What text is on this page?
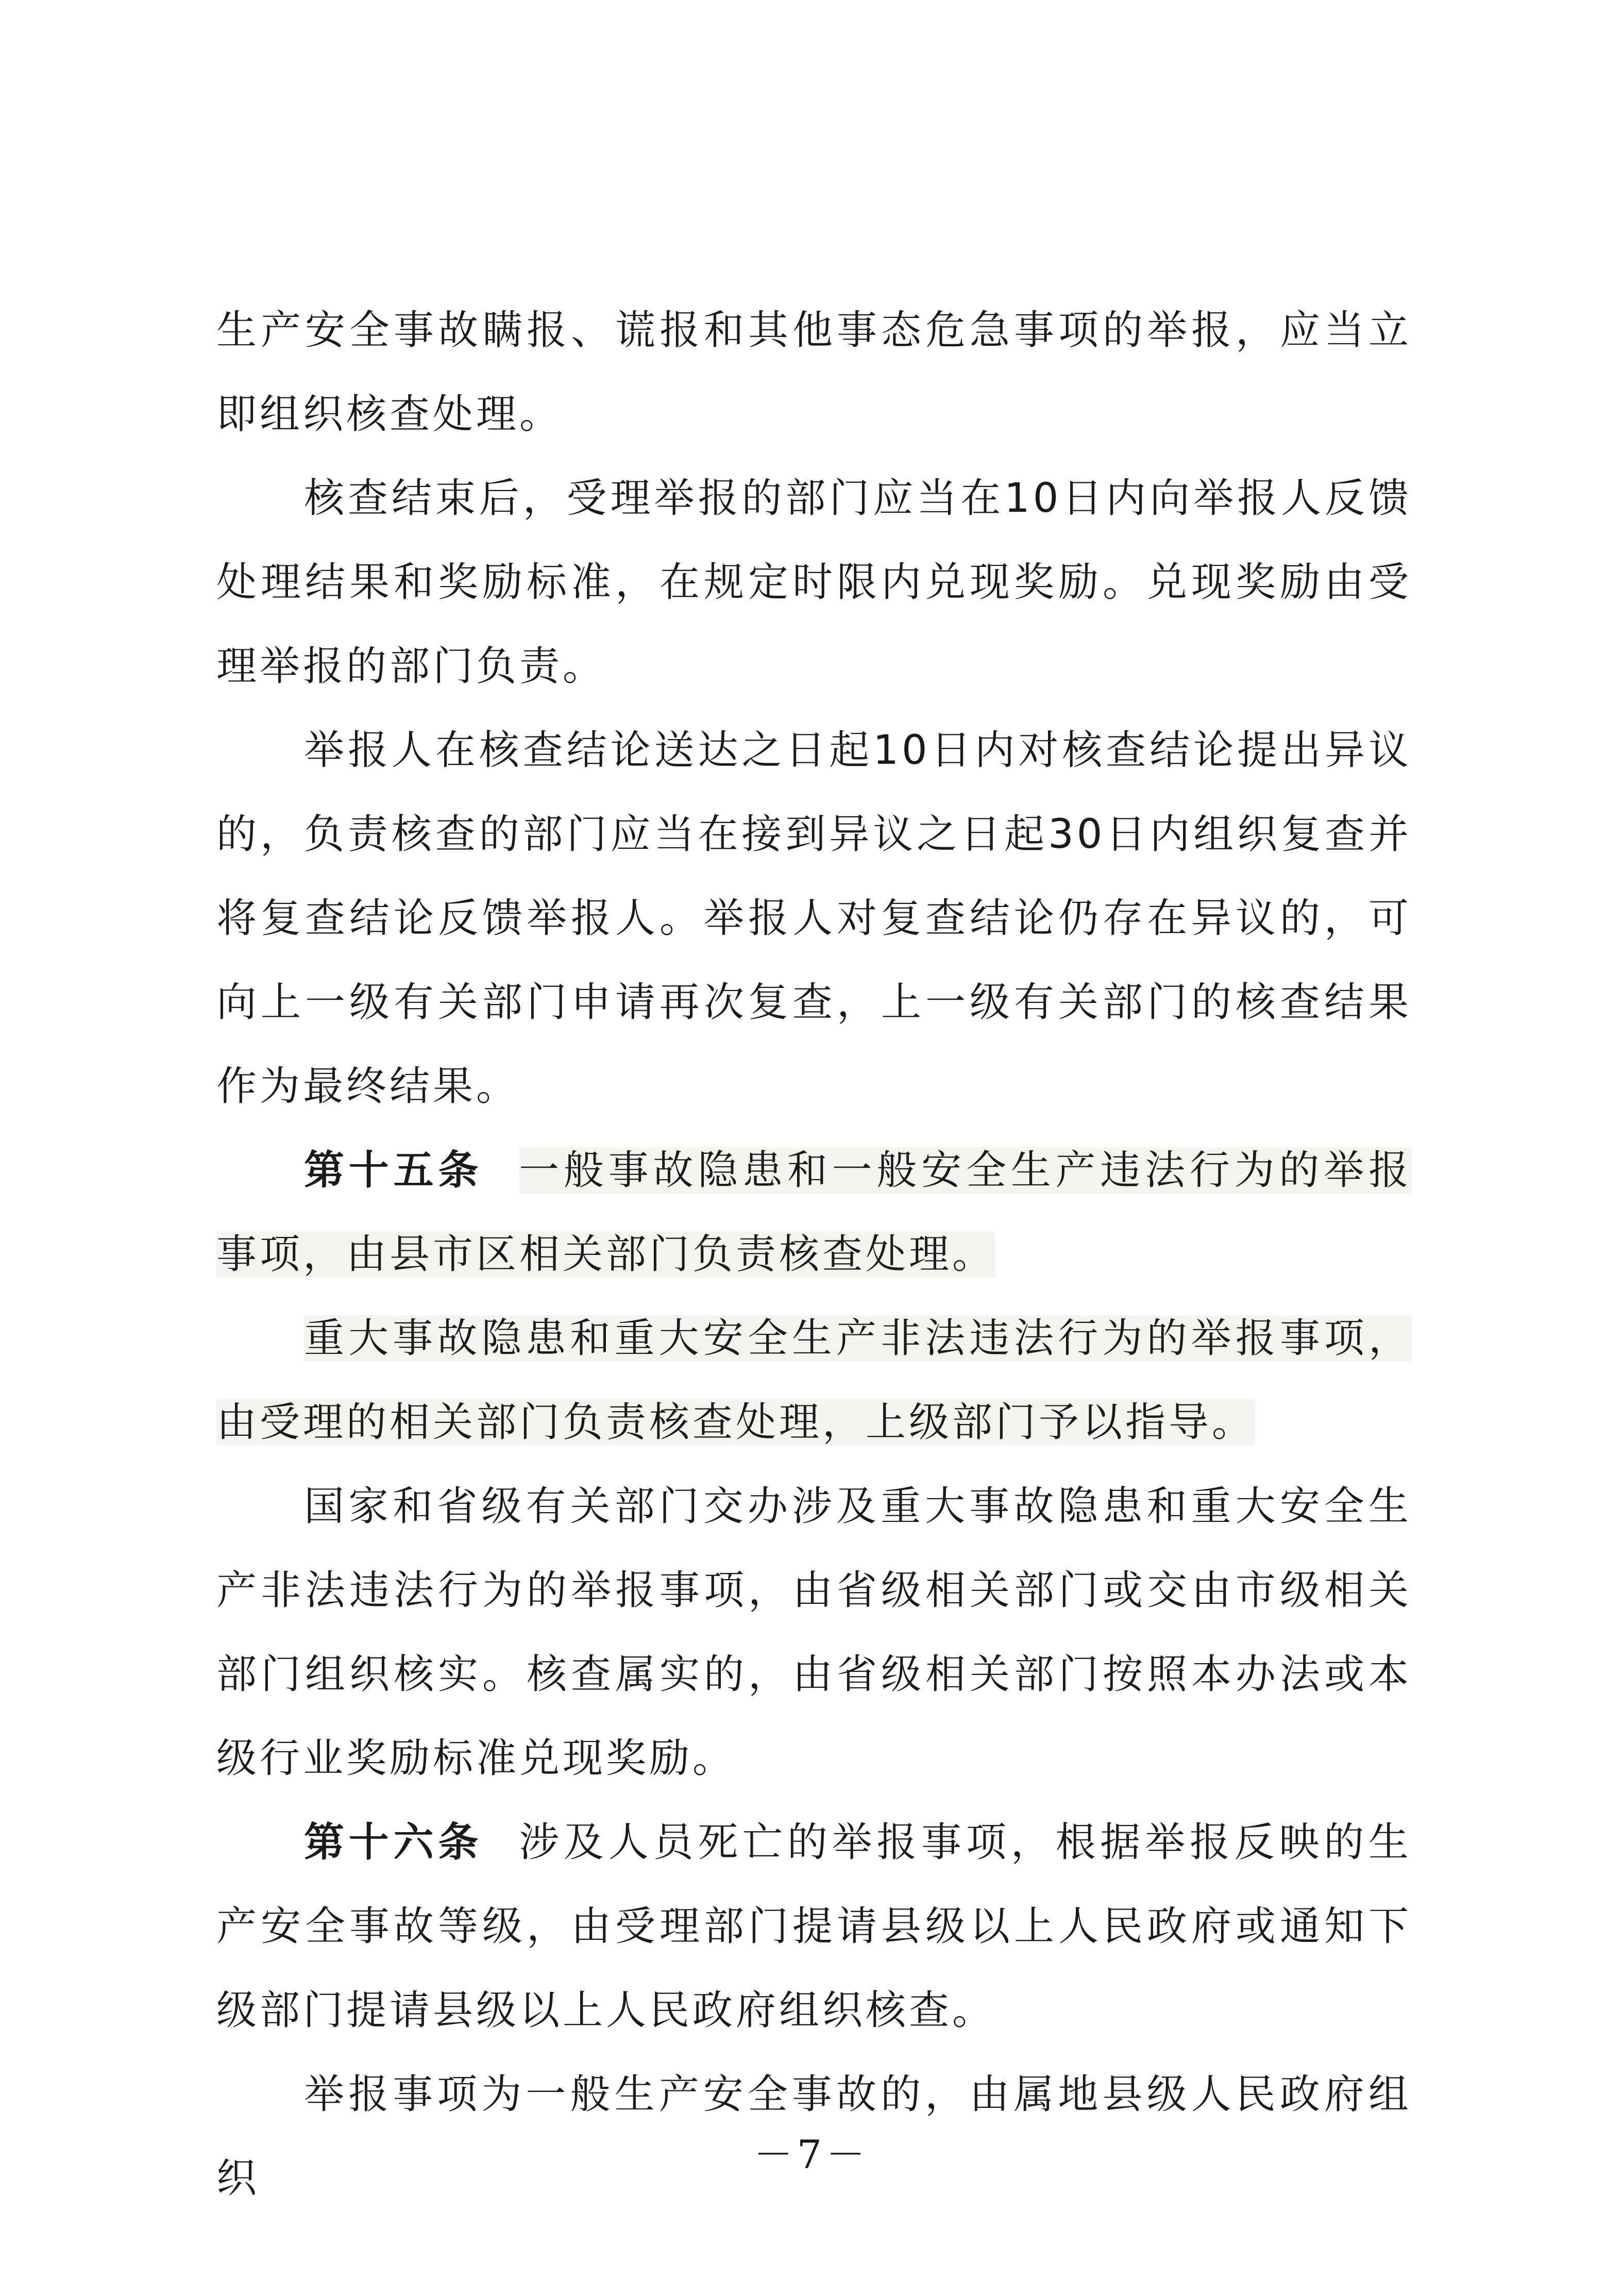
生产安全事故瞒报、谎报和其他事态危急事项的举报，应当立即组织核查处理。

核查结束后，受理举报的部门应当在10日内向举报人反馈处理结果和奖励标准，在规定时限内兑现奖励。兑现奖励由受理举报的部门负责。

举报人在核查结论送达之日起10日内对核查结论提出异议的，负责核查的部门应当在接到异议之日起30日内组织复查并将复查结论反馈举报人。举报人对复查结论仍存在异议的，可向上一级有关部门申请再次复查，上一级有关部门的核查结果作为最终结果。

第十五条 一般事故隐患和一般安全生产违法行为的举报事项，由县市区相关部门负责核查处理。

重大事故隐患和重大安全生产非法违法行为的举报事项，由受理的相关部门负责核查处理，上级部门予以指导。

国家和省级有关部门交办涉及重大事故隐患和重大安全生产非法违法行为的举报事项，由省级相关部门或交由市级相关部门组织核实。核查属实的，由省级相关部门按照本办法或本级行业奖励标准兑现奖励。

第十六条 涉及人员死亡的举报事项，根据举报反映的生产安全事故等级，由受理部门提请县级以上人民政府或通知下级部门提请县级以上人民政府组织核查。

举报事项为一般生产安全事故的，由属地县级人民政府组织

－7－
